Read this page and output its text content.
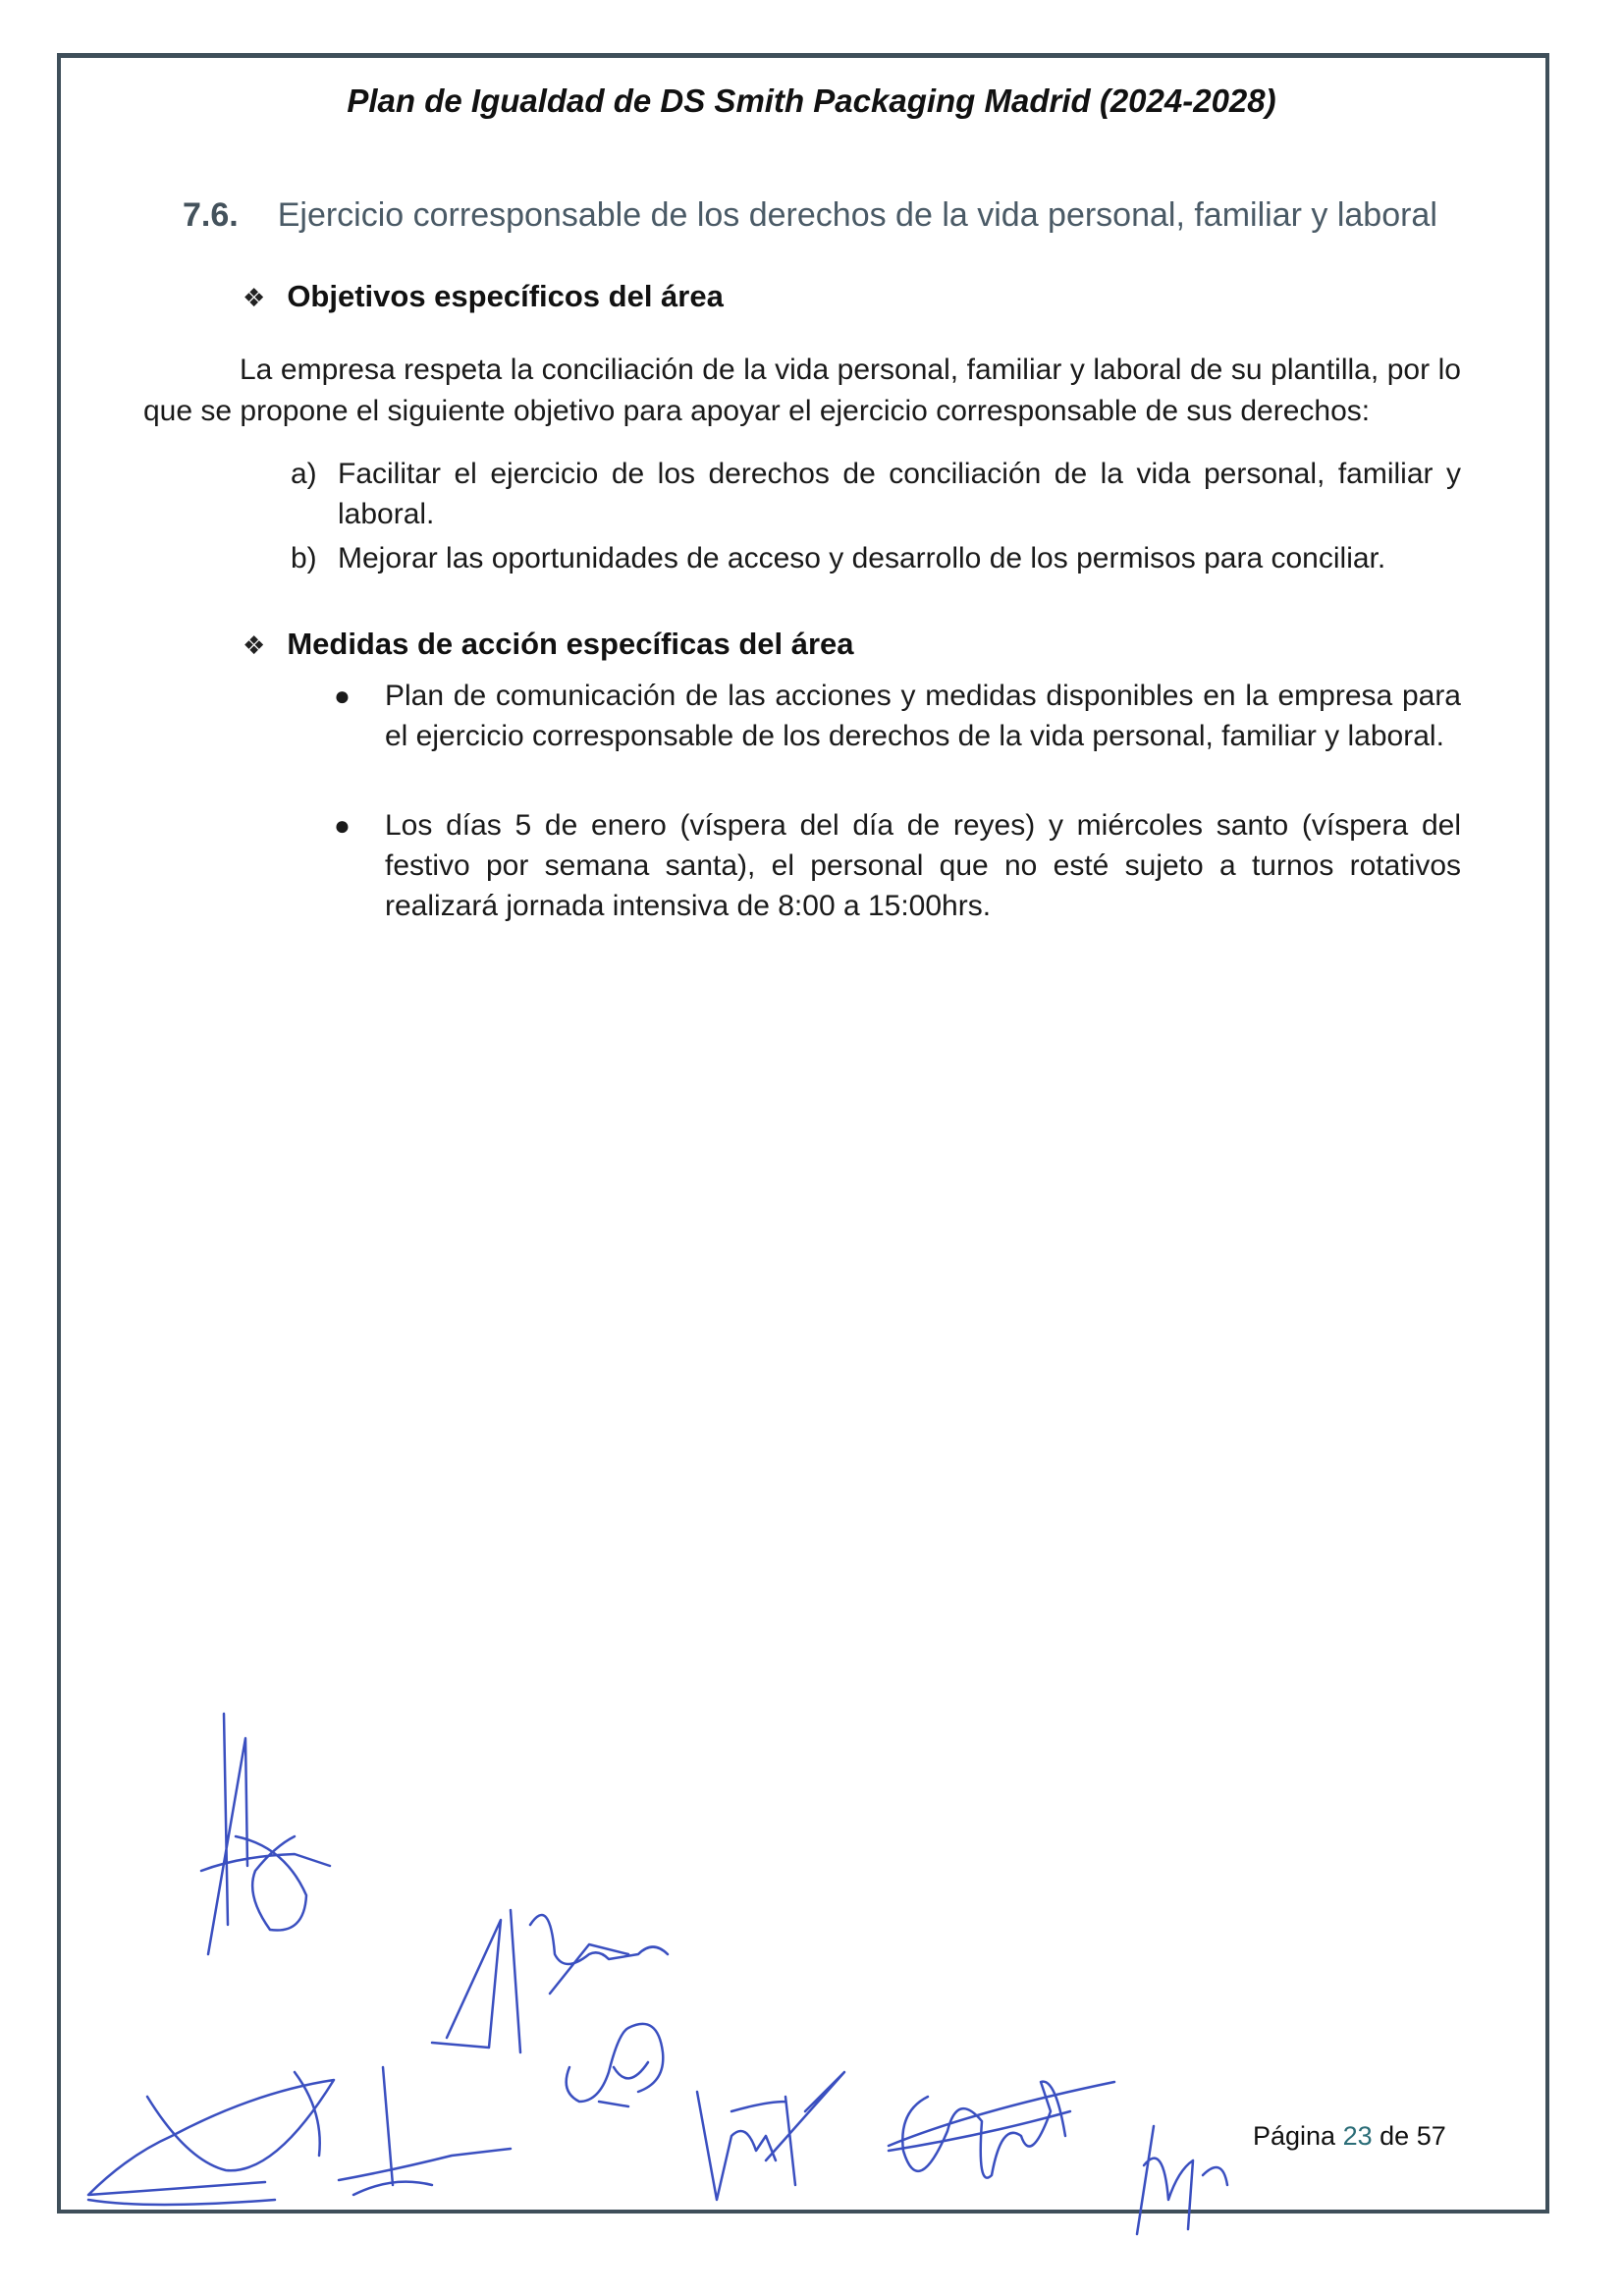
Plan de Igualdad de DS Smith Packaging Madrid (2024-2028)
7.6. Ejercicio corresponsable de los derechos de la vida personal, familiar y laboral
❖ Objetivos específicos del área
La empresa respeta la conciliación de la vida personal, familiar y laboral de su plantilla, por lo que se propone el siguiente objetivo para apoyar el ejercicio corresponsable de sus derechos:
a) Facilitar el ejercicio de los derechos de conciliación de la vida personal, familiar y laboral.
b) Mejorar las oportunidades de acceso y desarrollo de los permisos para conciliar.
❖ Medidas de acción específicas del área
●	Plan de comunicación de las acciones y medidas disponibles en la empresa para el ejercicio corresponsable de los derechos de la vida personal, familiar y laboral.
●	Los días 5 de enero (víspera del día de reyes) y miércoles santo (víspera del festivo por semana santa), el personal que no esté sujeto a turnos rotativos realizará jornada intensiva de 8:00 a 15:00hrs.
Página 23 de 57
